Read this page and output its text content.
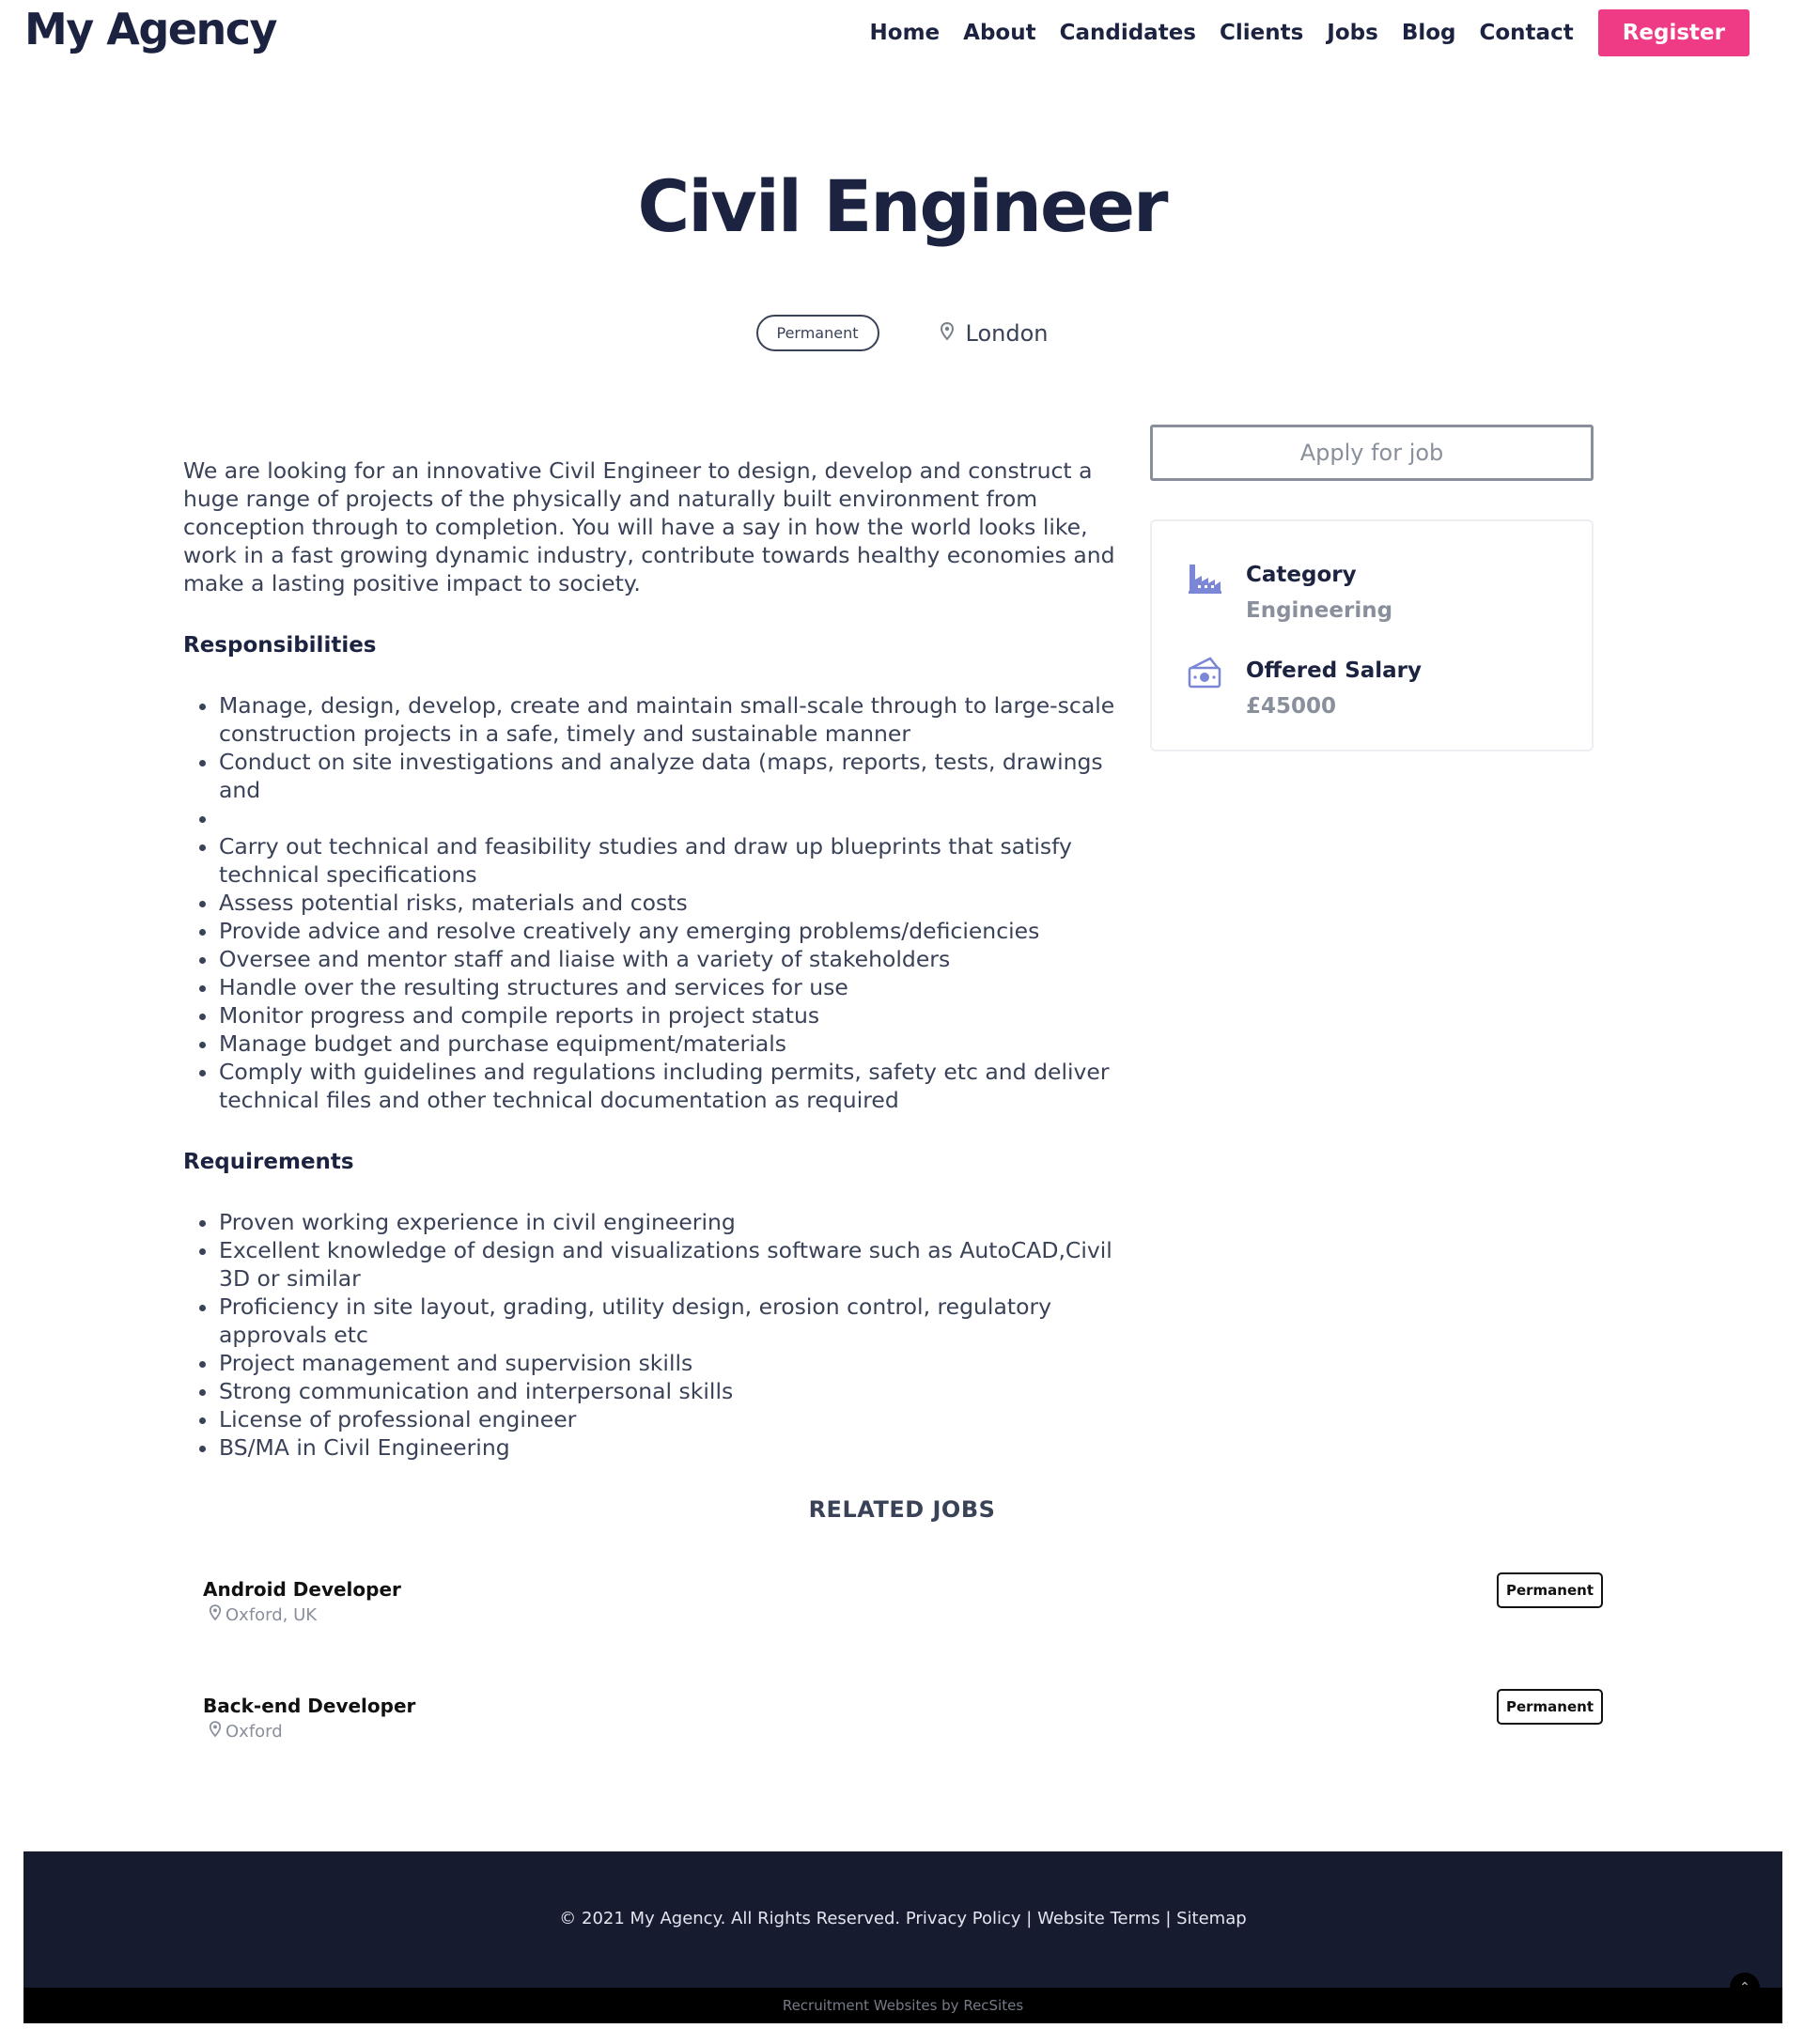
My Agency	Home About Candidates Clients Jobs Blog Contact	Register
Civil Engineer
Permanent	London

We are looking for an innovative Civil Engineer to design, develop and construct a huge range of projects of the physically and naturally built environment from conception through to completion. You will have a say in how the world looks like, work in a fast growing dynamic industry, contribute towards healthy economies and make a lasting positive impact to society.

Responsibilities
• Manage, design, develop, create and maintain small-scale through to large-scale construction projects in a safe, timely and sustainable manner
• Conduct on site investigations and analyze data (maps, reports, tests, drawings and
•
• Carry out technical and feasibility studies and draw up blueprints that satisfy technical specifications
• Assess potential risks, materials and costs
• Provide advice and resolve creatively any emerging problems/deficiencies
• Oversee and mentor staff and liaise with a variety of stakeholders
• Handle over the resulting structures and services for use
• Monitor progress and compile reports in project status
• Manage budget and purchase equipment/materials
• Comply with guidelines and regulations including permits, safety etc and deliver technical files and other technical documentation as required
Requirements
• Proven working experience in civil engineering
• Excellent knowledge of design and visualizations software such as AutoCAD,Civil 3D or similar
• Proficiency in site layout, grading, utility design, erosion control, regulatory approvals etc
• Project management and supervision skills
• Strong communication and interpersonal skills
• License of professional engineer
• BS/MA in Civil Engineering
Apply for job
Category
Engineering
Offered Salary
£45000
RELATED JOBS
Android Developer
Oxford, UK
Permanent
Back-end Developer
Oxford
Permanent
© 2021 My Agency. All Rights Reserved. Privacy Policy | Website Terms | Sitemap
Recruitment Websites by RecSites
⌃
